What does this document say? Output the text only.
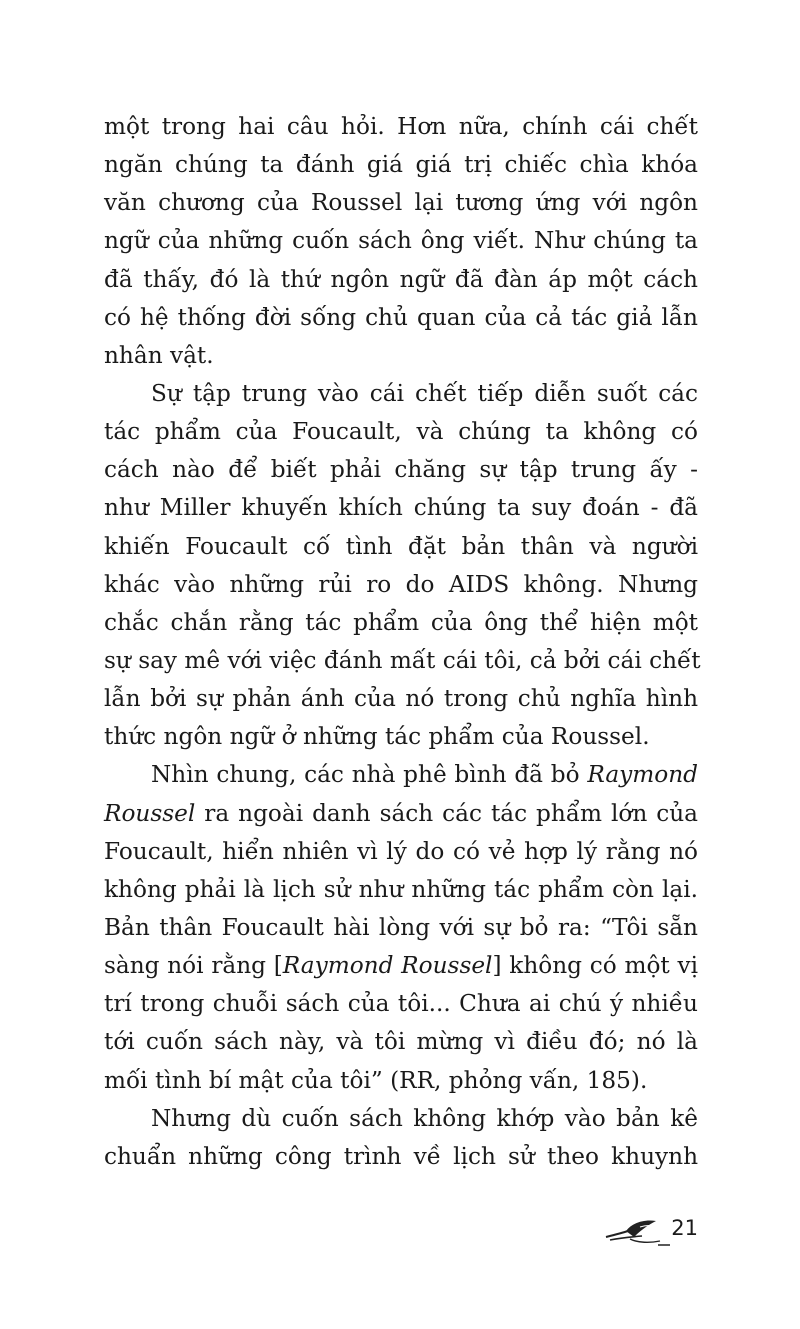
một trong hai câu hỏi. Hơn nữa, chính cái chết
ngăn chúng ta đánh giá giá trị chiếc chìa khóa
văn chương của Roussel lại tương ứng với ngôn
ngữ của những cuốn sách ông viết. Như chúng ta
đã thấy, đó là thứ ngôn ngữ đã đàn áp một cách
có hệ thống đời sống chủ quan của cả tác giả lẫn
nhân vật.
Sự tập trung vào cái chết tiếp diễn suốt các
tác phẩm của Foucault, và chúng ta không có
cách nào để biết phải chăng sự tập trung ấy -
như Miller khuyến khích chúng ta suy đoán - đã
khiến Foucault cố tình đặt bản thân và người
khác vào những rủi ro do AIDS không. Nhưng
chắc chắn rằng tác phẩm của ông thể hiện một
sự say mê với việc đánh mất cái tôi, cả bởi cái chết
lẫn bởi sự phản ánh của nó trong chủ nghĩa hình
thức ngôn ngữ ở những tác phẩm của Roussel.
Nhìn chung, các nhà phê bình đã bỏ Raymond
Roussel ra ngoài danh sách các tác phẩm lớn của
Foucault, hiển nhiên vì lý do có vẻ hợp lý rằng nó
không phải là lịch sử như những tác phẩm còn lại.
Bản thân Foucault hài lòng với sự bỏ ra: “Tôi sẵn
sàng nói rằng [Raymond Roussel] không có một vị
trí trong chuỗi sách của tôi... Chưa ai chú ý nhiều
tới cuốn sách này, và tôi mừng vì điều đó; nó là
mối tình bí mật của tôi” (RR, phỏng vấn, 185).
Nhưng dù cuốn sách không khớp vào bản kê
chuẩn những công trình về lịch sử theo khuynh
21
